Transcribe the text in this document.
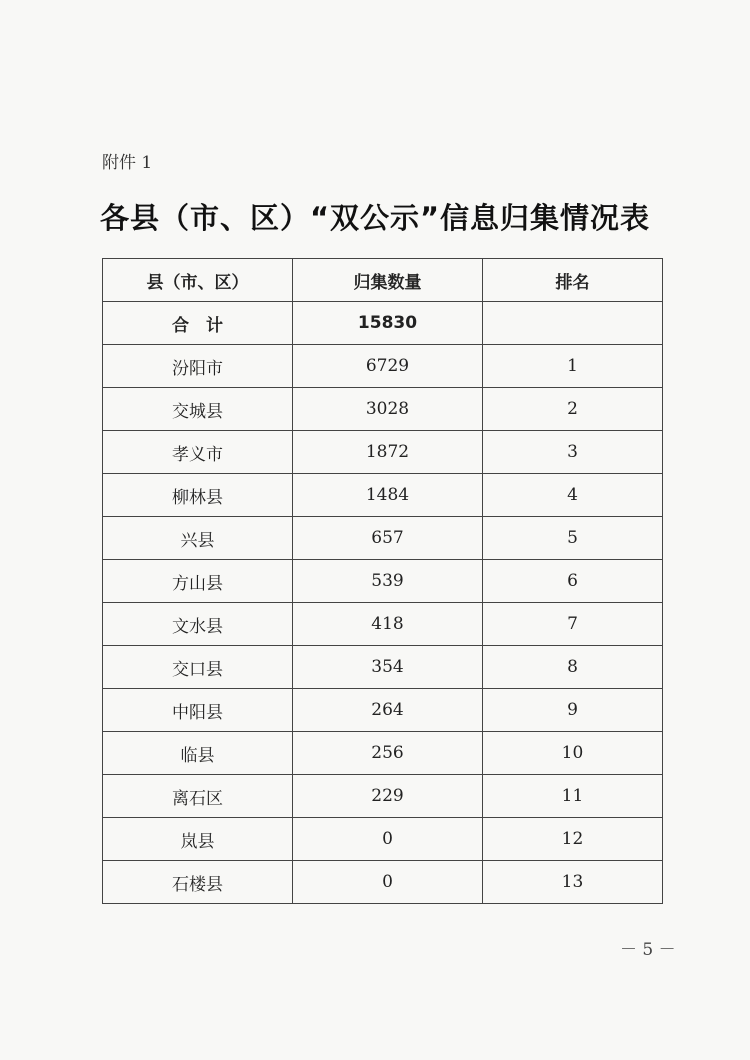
附件 1
各县（市、区）“双公示”信息归集情况表
县（市、区）	归集数量	排名
合　计	15830	
汾阳市	6729	1
交城县	3028	2
孝义市	1872	3
柳林县	1484	4
兴县	657	5
方山县	539	6
文水县	418	7
交口县	354	8
中阳县	264	9
临县	256	10
离石区	229	11
岚县	0	12
石楼县	0	13
－ 5 －
